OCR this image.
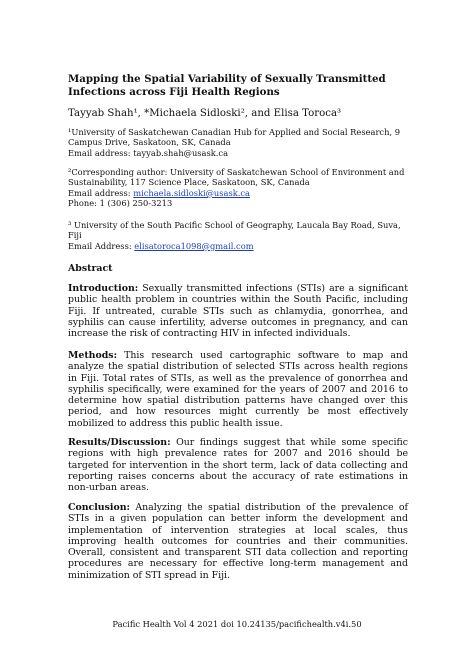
Mapping the Spatial Variability of Sexually Transmitted Infections across Fiji Health Regions
Tayyab Shah¹, *Michaela Sidloski², and Elisa Toroca³
¹University of Saskatchewan Canadian Hub for Applied and Social Research, 9
Campus Drive, Saskatoon, SK, Canada
Email address: tayyab.shah@usask.ca
²Corresponding author: University of Saskatchewan School of Environment and
Sustainability, 117 Science Place, Saskatoon, SK, Canada
Email address: michaela.sidloski@usask.ca
Phone: 1 (306) 250-3213
³ University of the South Pacific School of Geography, Laucala Bay Road, Suva, Fiji
Email Address: elisatoroca1098@gmail.com
Abstract
Introduction: Sexually transmitted infections (STIs) are a significant public health problem in countries within the South Pacific, including Fiji. If untreated, curable STIs such as chlamydia, gonorrhea, and syphilis can cause infertility, adverse outcomes in pregnancy, and can increase the risk of contracting HIV in infected individuals.
Methods: This research used cartographic software to map and analyze the spatial distribution of selected STIs across health regions in Fiji. Total rates of STIs, as well as the prevalence of gonorrhea and syphilis specifically, were examined for the years of 2007 and 2016 to determine how spatial distribution patterns have changed over this period, and how resources might currently be most effectively mobilized to address this public health issue.
Results/Discussion: Our findings suggest that while some specific regions with high prevalence rates for 2007 and 2016 should be targeted for intervention in the short term, lack of data collecting and reporting raises concerns about the accuracy of rate estimations in non-urban areas.
Conclusion: Analyzing the spatial distribution of the prevalence of STIs in a given population can better inform the development and implementation of intervention strategies at local scales, thus improving health outcomes for countries and their communities. Overall, consistent and transparent STI data collection and reporting procedures are necessary for effective long-term management and minimization of STI spread in Fiji.
Pacific Health Vol 4 2021 doi 10.24135/pacifichealth.v4i.50
